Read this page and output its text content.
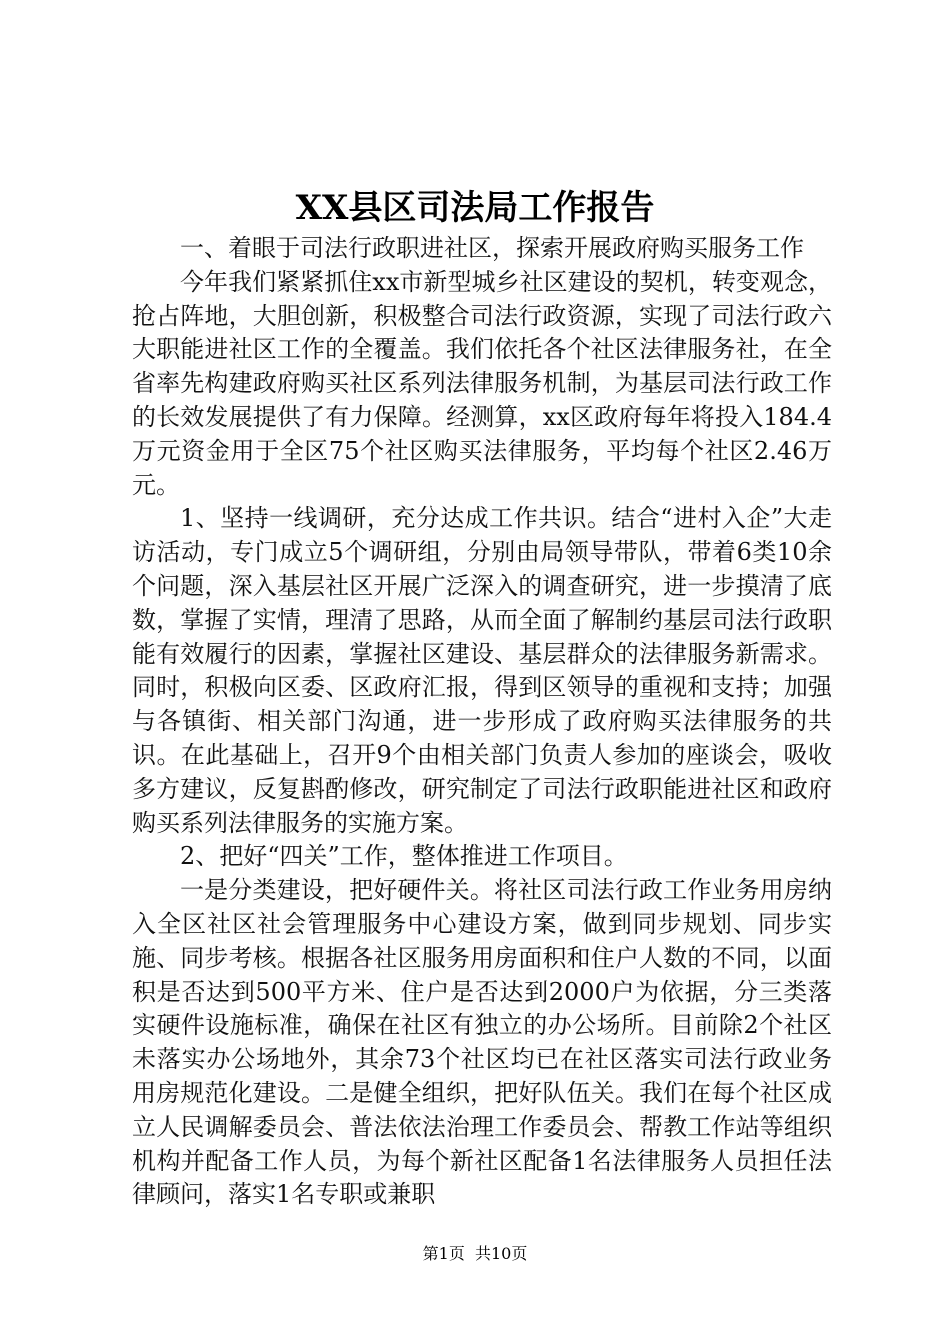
XX县区司法局工作报告

一、着眼于司法行政职进社区，探索开展政府购买服务工作

今年我们紧紧抓住xx市新型城乡社区建设的契机，转变观念，抢占阵地，大胆创新，积极整合司法行政资源，实现了司法行政六大职能进社区工作的全覆盖。我们依托各个社区法律服务社，在全省率先构建政府购买社区系列法律服务机制，为基层司法行政工作的长效发展提供了有力保障。经测算，xx区政府每年将投入184.4万元资金用于全区75个社区购买法律服务，平均每个社区2.46万元。

1、坚持一线调研，充分达成工作共识。结合“进村入企”大走访活动，专门成立5个调研组，分别由局领导带队，带着6类10余个问题，深入基层社区开展广泛深入的调查研究，进一步摸清了底数，掌握了实情，理清了思路，从而全面了解制约基层司法行政职能有效履行的因素，掌握社区建设、基层群众的法律服务新需求。同时，积极向区委、区政府汇报，得到区领导的重视和支持；加强与各镇街、相关部门沟通，进一步形成了政府购买法律服务的共识。在此基础上，召开9个由相关部门负责人参加的座谈会，吸收多方建议，反复斟酌修改，研究制定了司法行政职能进社区和政府购买系列法律服务的实施方案。

2、把好“四关”工作，整体推进工作项目。

一是分类建设，把好硬件关。将社区司法行政工作业务用房纳入全区社区社会管理服务中心建设方案，做到同步规划、同步实施、同步考核。根据各社区服务用房面积和住户人数的不同，以面积是否达到500平方米、住户是否达到2000户为依据，分三类落实硬件设施标准，确保在社区有独立的办公场所。目前除2个社区未落实办公场地外，其余73个社区均已在社区落实司法行政业务用房规范化建设。二是健全组织，把好队伍关。我们在每个社区成立人民调解委员会、普法依法治理工作委员会、帮教工作站等组织机构并配备工作人员，为每个新社区配备1名法律服务人员担任法律顾问，落实1名专职或兼职

第1页  共10页
